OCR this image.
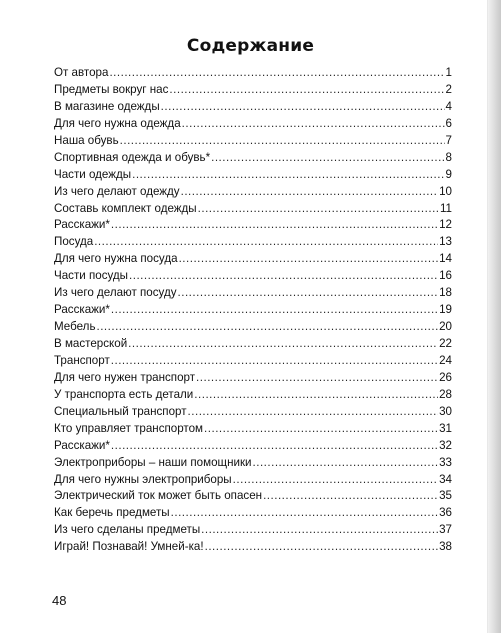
Содержание
От автора .....	1
Предметы вокруг нас .....	2
В магазине одежды .....	4
Для чего нужна одежда .....	6
Наша обувь .....	7
Спортивная одежда и обувь* .....	8
Части одежды .....	9
Из чего делают одежду .....	10
Составь комплект одежды .....	11
Расскажи* .....	12
Посуда .....	13
Для чего нужна посуда .....	14
Части посуды .....	16
Из чего делают посуду .....	18
Расскажи* .....	19
Мебель .....	20
В мастерской .....	22
Транспорт .....	24
Для чего нужен транспорт .....	26
У транспорта есть детали .....	28
Специальный транспорт .....	30
Кто управляет транспортом .....	31
Расскажи* .....	32
Электроприборы – наши помощники .....	33
Для чего нужны электроприборы .....	34
Электрический ток может быть опасен .....	35
Как беречь предметы .....	36
Из чего сделаны предметы .....	37
Играй! Познавай! Умней-ка! .....	38

48
